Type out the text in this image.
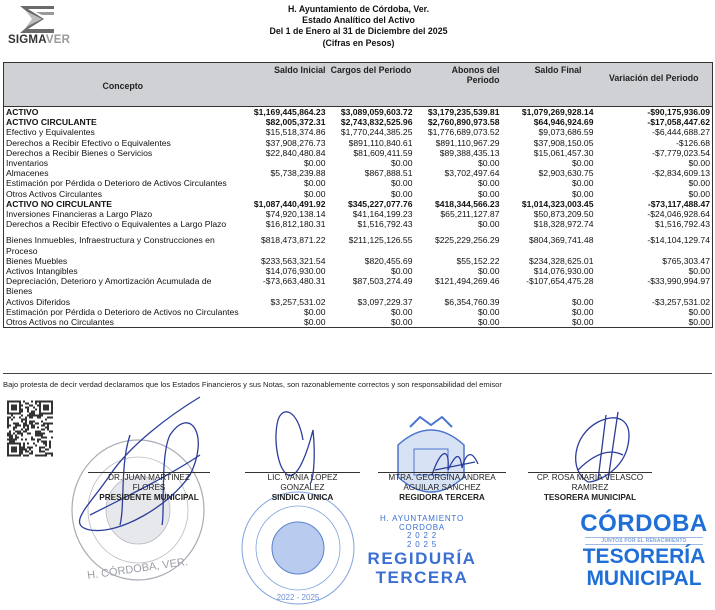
SIGMAVER
H. Ayuntamiento de Córdoba, Ver.
Estado Analítico del Activo
Del 1 de Enero al 31 de Diciembre del 2025
(Cifras en Pesos)
Concepto	Saldo Inicial	Cargos del Periodo	Abonos del Periodo	Saldo Final	Variación del Periodo
ACTIVO	$1,169,445,864.23	$3,089,059,603.72	$3,179,235,539.81	$1,079,269,928.14	-$90,175,936.09
ACTIVO CIRCULANTE	$82,005,372.31	$2,743,832,525.96	$2,760,890,973.58	$64,946,924.69	-$17,058,447.62
Efectivo y Equivalentes	$15,518,374.86	$1,770,244,385.25	$1,776,689,073.52	$9,073,686.59	-$6,444,688.27
Derechos a Recibir Efectivo o Equivalentes	$37,908,276.73	$891,110,840.61	$891,110,967.29	$37,908,150.05	-$126.68
Derechos a Recibir Bienes o Servicios	$22,840,480.84	$81,609,411.59	$89,388,435.13	$15,061,457.30	-$7,779,023.54
Inventarios	$0.00	$0.00	$0.00	$0.00	$0.00
Almacenes	$5,738,239.88	$867,888.51	$3,702,497.64	$2,903,630.75	-$2,834,609.13
Estimación por Pérdida o Deterioro de Activos Circulantes	$0.00	$0.00	$0.00	$0.00	$0.00
Otros Activos Circulantes	$0.00	$0.00	$0.00	$0.00	$0.00
ACTIVO NO CIRCULANTE	$1,087,440,491.92	$345,227,077.76	$418,344,566.23	$1,014,323,003.45	-$73,117,488.47
Inversiones Financieras a Largo Plazo	$74,920,138.14	$41,164,199.23	$65,211,127.87	$50,873,209.50	-$24,046,928.64
Derechos a Recibir Efectivo o Equivalentes a Largo Plazo	$16,812,180.31	$1,516,792.43	$0.00	$18,328,972.74	$1,516,792.43

Bienes Inmuebles, Infraestructura y Construcciones en Proceso	$818,473,871.22	$211,125,126.55	$225,229,256.29	$804,369,741.48	-$14,104,129.74
Bienes Muebles	$233,563,321.54	$820,455.69	$55,152.22	$234,328,625.01	$765,303.47
Activos Intangibles	$14,076,930.00	$0.00	$0.00	$14,076,930.00	$0.00
Depreciación, Deterioro y Amortización Acumulada de Bienes	-$73,663,480.31	$87,503,274.49	$121,494,269.46	-$107,654,475.28	-$33,990,994.97
Activos Diferidos	$3,257,531.02	$3,097,229.37	$6,354,760.39	$0.00	-$3,257,531.02
Estimación por Pérdida o Deterioro de Activos no Circulantes	$0.00	$0.00	$0.00	$0.00	$0.00
Otros Activos no Circulantes	$0.00	$0.00	$0.00	$0.00	$0.00
Bajo protesta de decir verdad declaramos que los Estados Financieros y sus Notas, son razonablemente correctos y son responsabilidad del emisor
H. CÓRDOBA, VER.
2022 - 2025
DR. JUAN MARTINEZ
FLORES
PRESIDENTE MUNICIPAL
LIC. VANIA LOPEZ
GONZALEZ
SINDICA UNICA
MTRA. GEORGINA ANDREA
AGUILAR SANCHEZ
REGIDORA TERCERA
CP. ROSA MARIA VELASCO
RAMIREZ
TESORERA MUNICIPAL
H. AYUNTAMIENTO
CORDOBA
2 0 2 2
2 0 2 5
REGIDURÍA
TERCERA
CÓRDOBA
JUNTOS POR EL RENACIMIENTO
TESORERÍA
MUNICIPAL
